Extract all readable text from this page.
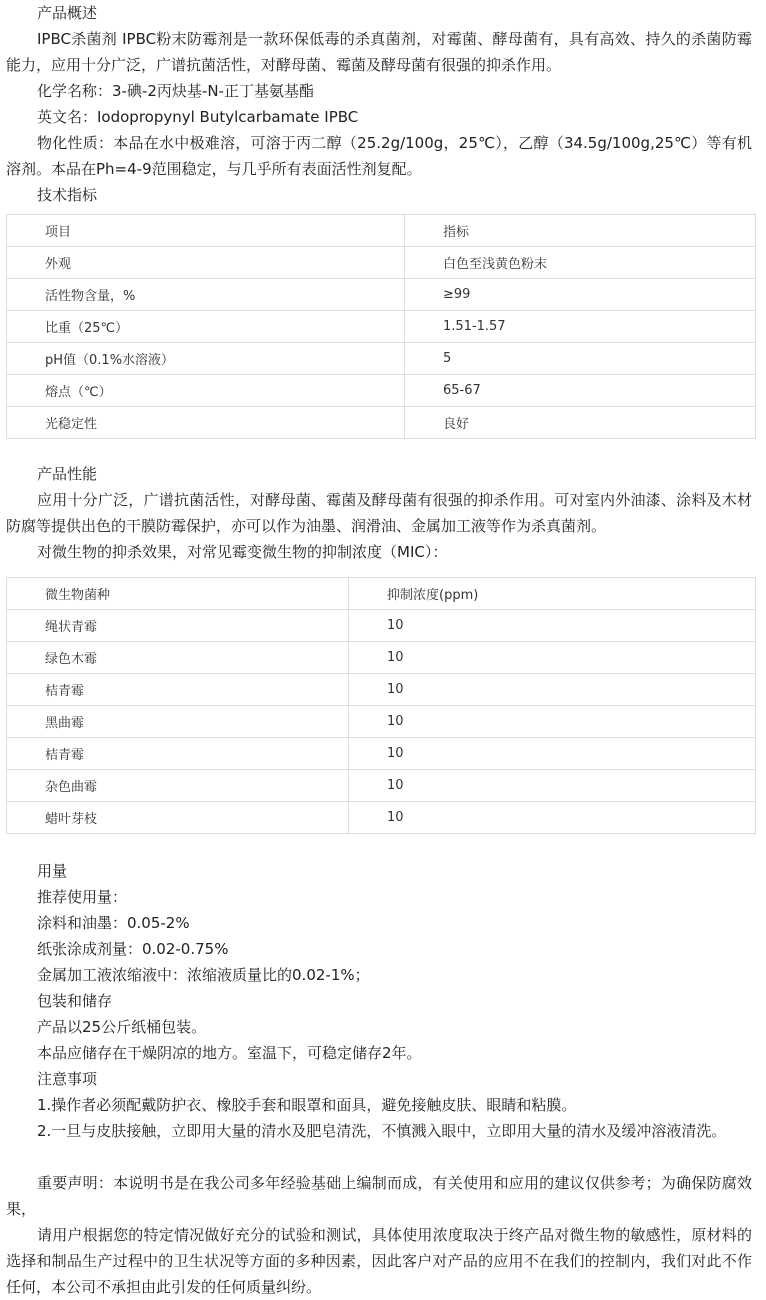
产品概述

IPBC杀菌剂 IPBC粉末防霉剂是一款环保低毒的杀真菌剂，对霉菌、酵母菌有，具有高效、持久的杀菌防霉能力，应用十分广泛，广谱抗菌活性，对酵母菌、霉菌及酵母菌有很强的抑杀作用。

化学名称：3-碘-2丙炔基-N-正丁基氨基酯

英文名：Iodopropynyl Butylcarbamate IPBC

物化性质：本品在水中极难溶，可溶于丙二醇（25.2g/100g，25℃），乙醇（34.5g/100g,25℃）等有机溶剂。本品在Ph=4-9范围稳定，与几乎所有表面活性剂复配。

技术指标

项目	指标
外观	白色至浅黄色粉末
活性物含量，%	≥99
比重（25℃）	1.51-1.57
pH值（0.1%水溶液）	5
熔点（℃）	65-67
光稳定性	良好

产品性能

应用十分广泛，广谱抗菌活性，对酵母菌、霉菌及酵母菌有很强的抑杀作用。可对室内外油漆、涂料及木材防腐等提供出色的干膜防霉保护，亦可以作为油墨、润滑油、金属加工液等作为杀真菌剂。

对微生物的抑杀效果，对常见霉变微生物的抑制浓度（MIC）：

微生物菌种	抑制浓度(ppm)
绳状青霉	10
绿色木霉	10
桔青霉	10
黑曲霉	10
桔青霉	10
杂色曲霉	10
蜡叶芽枝	10

用量

推荐使用量：

涂料和油墨：0.05-2%

纸张涂成剂量：0.02-0.75%

金属加工液浓缩液中：浓缩液质量比的0.02-1%；

包装和储存

产品以25公斤纸桶包装。

本品应储存在干燥阴凉的地方。室温下，可稳定储存2年。

注意事项

1.操作者必须配戴防护衣、橡胶手套和眼罩和面具，避免接触皮肤、眼睛和粘膜。

2.一旦与皮肤接触，立即用大量的清水及肥皂清洗，不慎溅入眼中，立即用大量的清水及缓冲溶液清洗。

重要声明：本说明书是在我公司多年经验基础上编制而成，有关使用和应用的建议仅供参考；为确保防腐效果，

请用户根据您的特定情况做好充分的试验和测试，具体使用浓度取决于终产品对微生物的敏感性，原材料的选择和制品生产过程中的卫生状况等方面的多种因素，因此客户对产品的应用不在我们的控制内，我们对此不作任何，本公司不承担由此引发的任何质量纠纷。
